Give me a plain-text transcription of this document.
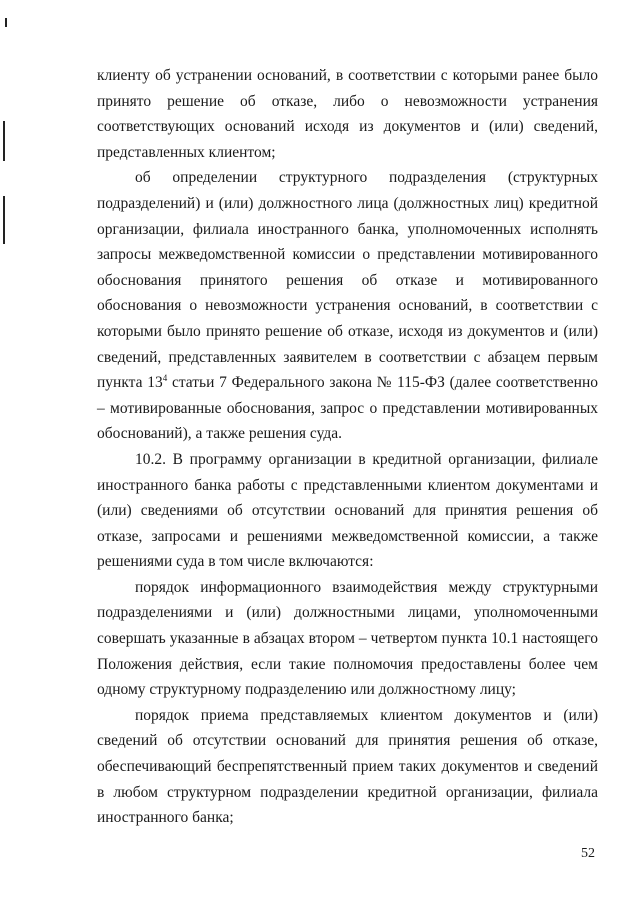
клиенту об устранении оснований, в соответствии с которыми ранее было принято решение об отказе, либо о невозможности устранения соответствующих оснований исходя из документов и (или) сведений, представленных клиентом;

об определении структурного подразделения (структурных подразделений) и (или) должностного лица (должностных лиц) кредитной организации, филиала иностранного банка, уполномоченных исполнять запросы межведомственной комиссии о представлении мотивированного обоснования принятого решения об отказе и мотивированного обоснования о невозможности устранения оснований, в соответствии с которыми было принято решение об отказе, исходя из документов и (или) сведений, представленных заявителем в соответствии с абзацем первым пункта $13^4$ статьи 7 Федерального закона № 115-ФЗ (далее соответственно – мотивированные обоснования, запрос о представлении мотивированных обоснований), а также решения суда.

10.2. В программу организации в кредитной организации, филиале иностранного банка работы с представленными клиентом документами и (или) сведениями об отсутствии оснований для принятия решения об отказе, запросами и решениями межведомственной комиссии, а также решениями суда в том числе включаются:

порядок информационного взаимодействия между структурными подразделениями и (или) должностными лицами, уполномоченными совершать указанные в абзацах втором – четвертом пункта 10.1 настоящего Положения действия, если такие полномочия предоставлены более чем одному структурному подразделению или должностному лицу;

порядок приема представляемых клиентом документов и (или) сведений об отсутствии оснований для принятия решения об отказе, обеспечивающий беспрепятственный прием таких документов и сведений в любом структурном подразделении кредитной организации, филиала иностранного банка;

52
